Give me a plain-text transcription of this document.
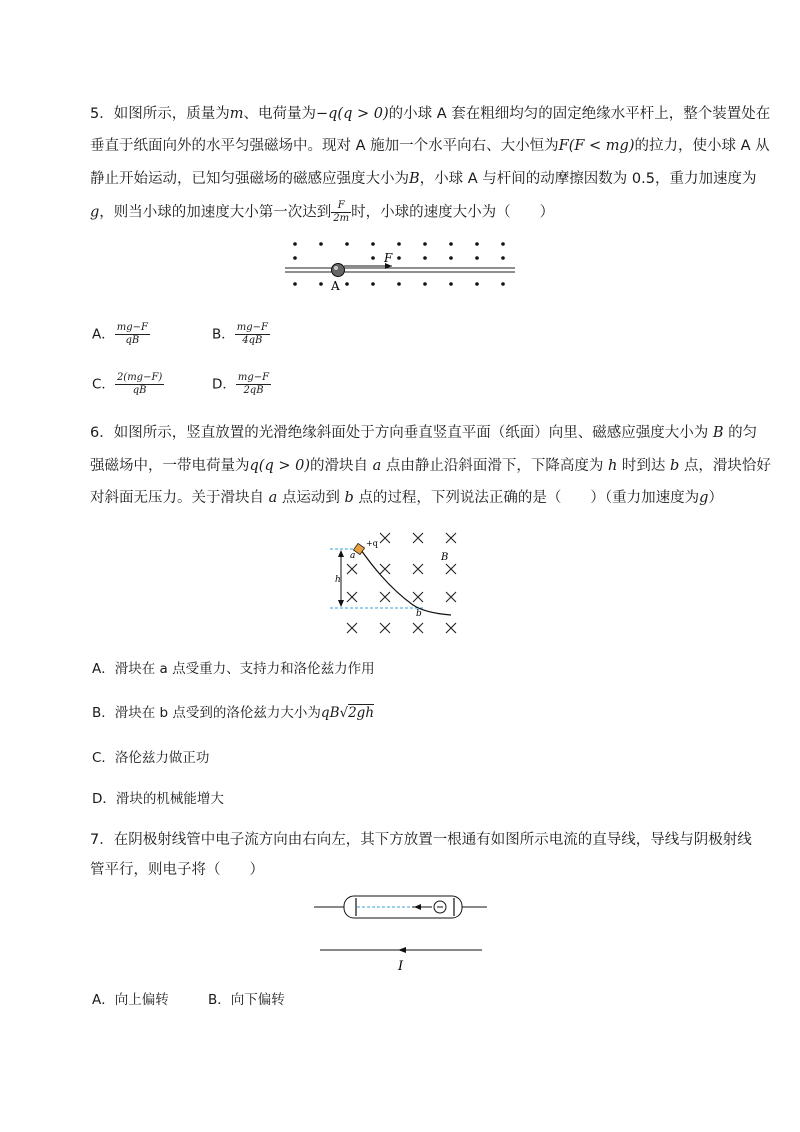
5．如图所示，质量为m、电荷量为−q(q > 0)的小球 A 套在粗细均匀的固定绝缘水平杆上，整个装置处在
垂直于纸面向外的水平匀强磁场中。现对 A 施加一个水平向右、大小恒为F(F < mg)的拉力，使小球 A 从
静止开始运动，已知匀强磁场的磁感应强度大小为B，小球 A 与杆间的动摩擦因数为 0.5，重力加速度为
g，则当小球的加速度大小第一次达到 $\frac{F}{2m}$ 时，小球的速度大小为（　　）
F
A
A． $\frac{mg-F}{qB}$	B． $\frac{mg-F}{4qB}$
C． $\frac{2(mg-F)}{qB}$	D． $\frac{mg-F}{2qB}$
6．如图所示，竖直放置的光滑绝缘斜面处于方向垂直竖直平面（纸面）向里、磁感应强度大小为 B 的匀
强磁场中，一带电荷量为q(q > 0)的滑块自 a 点由静止沿斜面滑下，下降高度为 h 时到达 b 点，滑块恰好
对斜面无压力。关于滑块自 a 点运动到 b 点的过程，下列说法正确的是（　　）（重力加速度为g）
h
+q
a	B
b
A．滑块在 a 点受重力、支持力和洛伦兹力作用
B．滑块在 b 点受到的洛伦兹力大小为qB√2gh
C．洛伦兹力做正功
D．滑块的机械能增大
7．在阴极射线管中电子流方向由右向左，其下方放置一根通有如图所示电流的直导线，导线与阴极射线
管平行，则电子将（　　）
I
A．向上偏转	B．向下偏转
